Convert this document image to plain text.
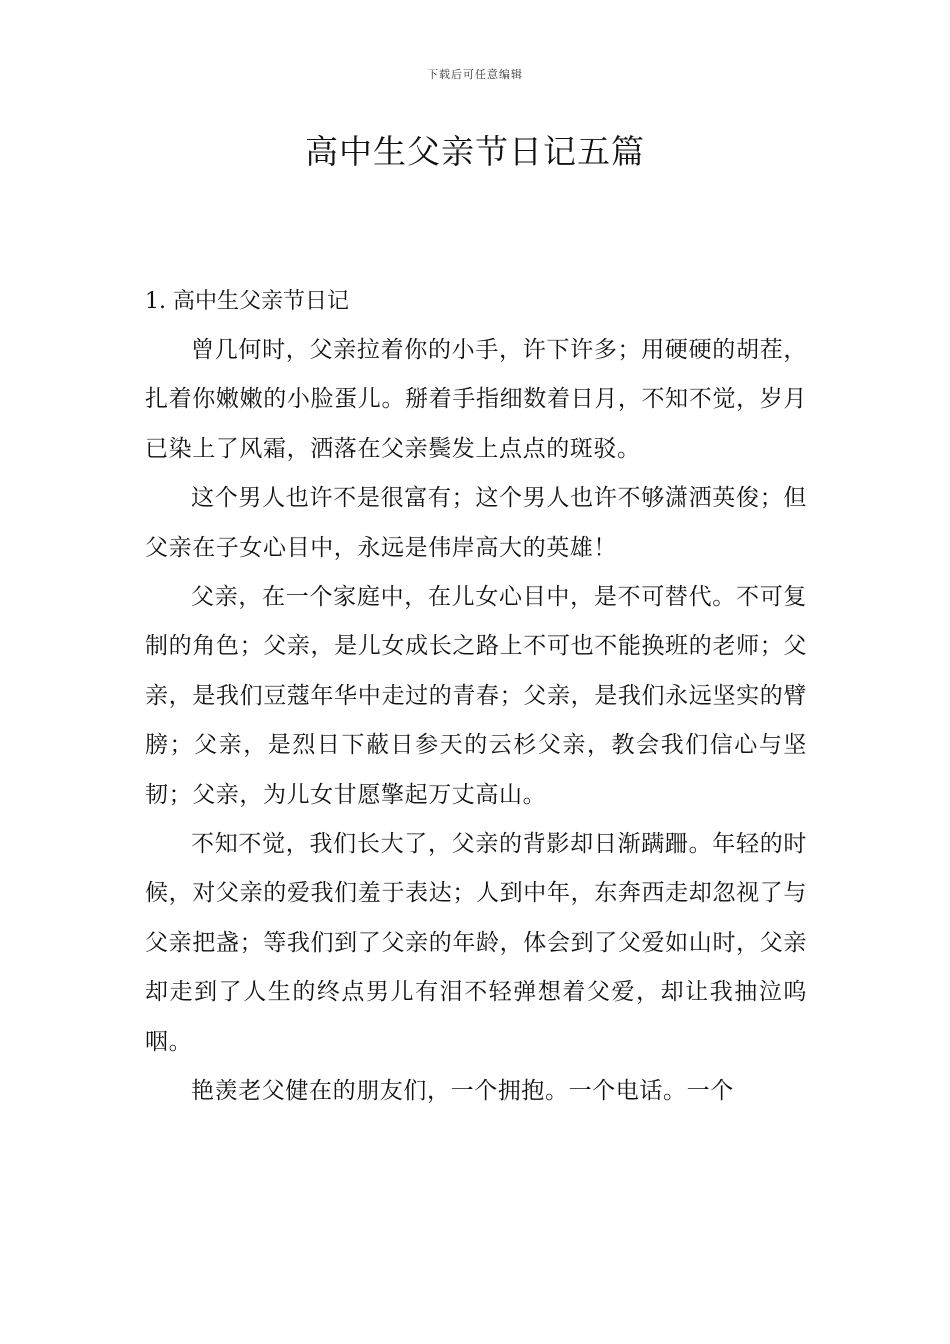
下载后可任意编辑
高中生父亲节日记五篇
1. 高中生父亲节日记

曾几何时，父亲拉着你的小手，许下许多；用硬硬的胡茬，扎着你嫩嫩的小脸蛋儿。掰着手指细数着日月，不知不觉，岁月已染上了风霜，洒落在父亲鬓发上点点的斑驳。

这个男人也许不是很富有；这个男人也许不够潇洒英俊；但父亲在子女心目中，永远是伟岸高大的英雄！

父亲，在一个家庭中，在儿女心目中，是不可替代。不可复制的角色；父亲，是儿女成长之路上不可也不能换班的老师；父亲，是我们豆蔻年华中走过的青春；父亲，是我们永远坚实的臂膀；父亲，是烈日下蔽日参天的云杉父亲，教会我们信心与坚韧；父亲，为儿女甘愿擎起万丈高山。

不知不觉，我们长大了，父亲的背影却日渐蹒跚。年轻的时候，对父亲的爱我们羞于表达；人到中年，东奔西走却忽视了与父亲把盏；等我们到了父亲的年龄，体会到了父爱如山时，父亲却走到了人生的终点男儿有泪不轻弹想着父爱，却让我抽泣呜咽。

艳羡老父健在的朋友们，一个拥抱。一个电话。一个
